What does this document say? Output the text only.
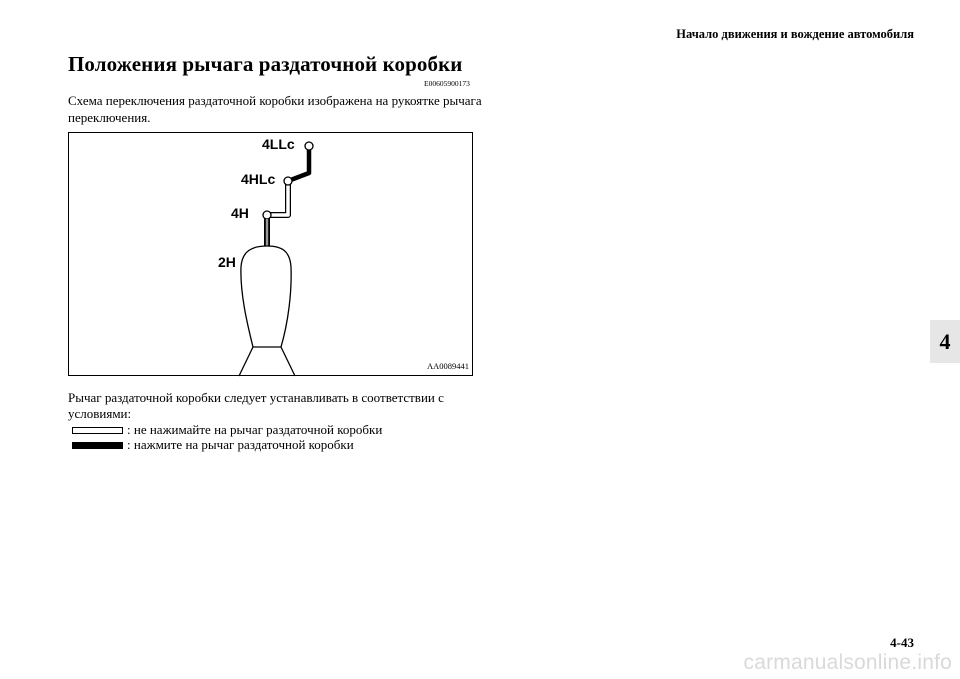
Начало движения и вождение автомобиля
Положения рычага раздаточной коробки
E00605900173
Схема переключения раздаточной коробки изображена на рукоятке рычага переключения.
4LLc
4HLc
4H
2H
AA0089441
Рычаг раздаточной коробки следует устанавливать в соответствии с условиями:
: не нажимайте на рычаг раздаточной коробки
: нажмите на рычаг раздаточной коробки
4
4-43
carmanualsonline.info
